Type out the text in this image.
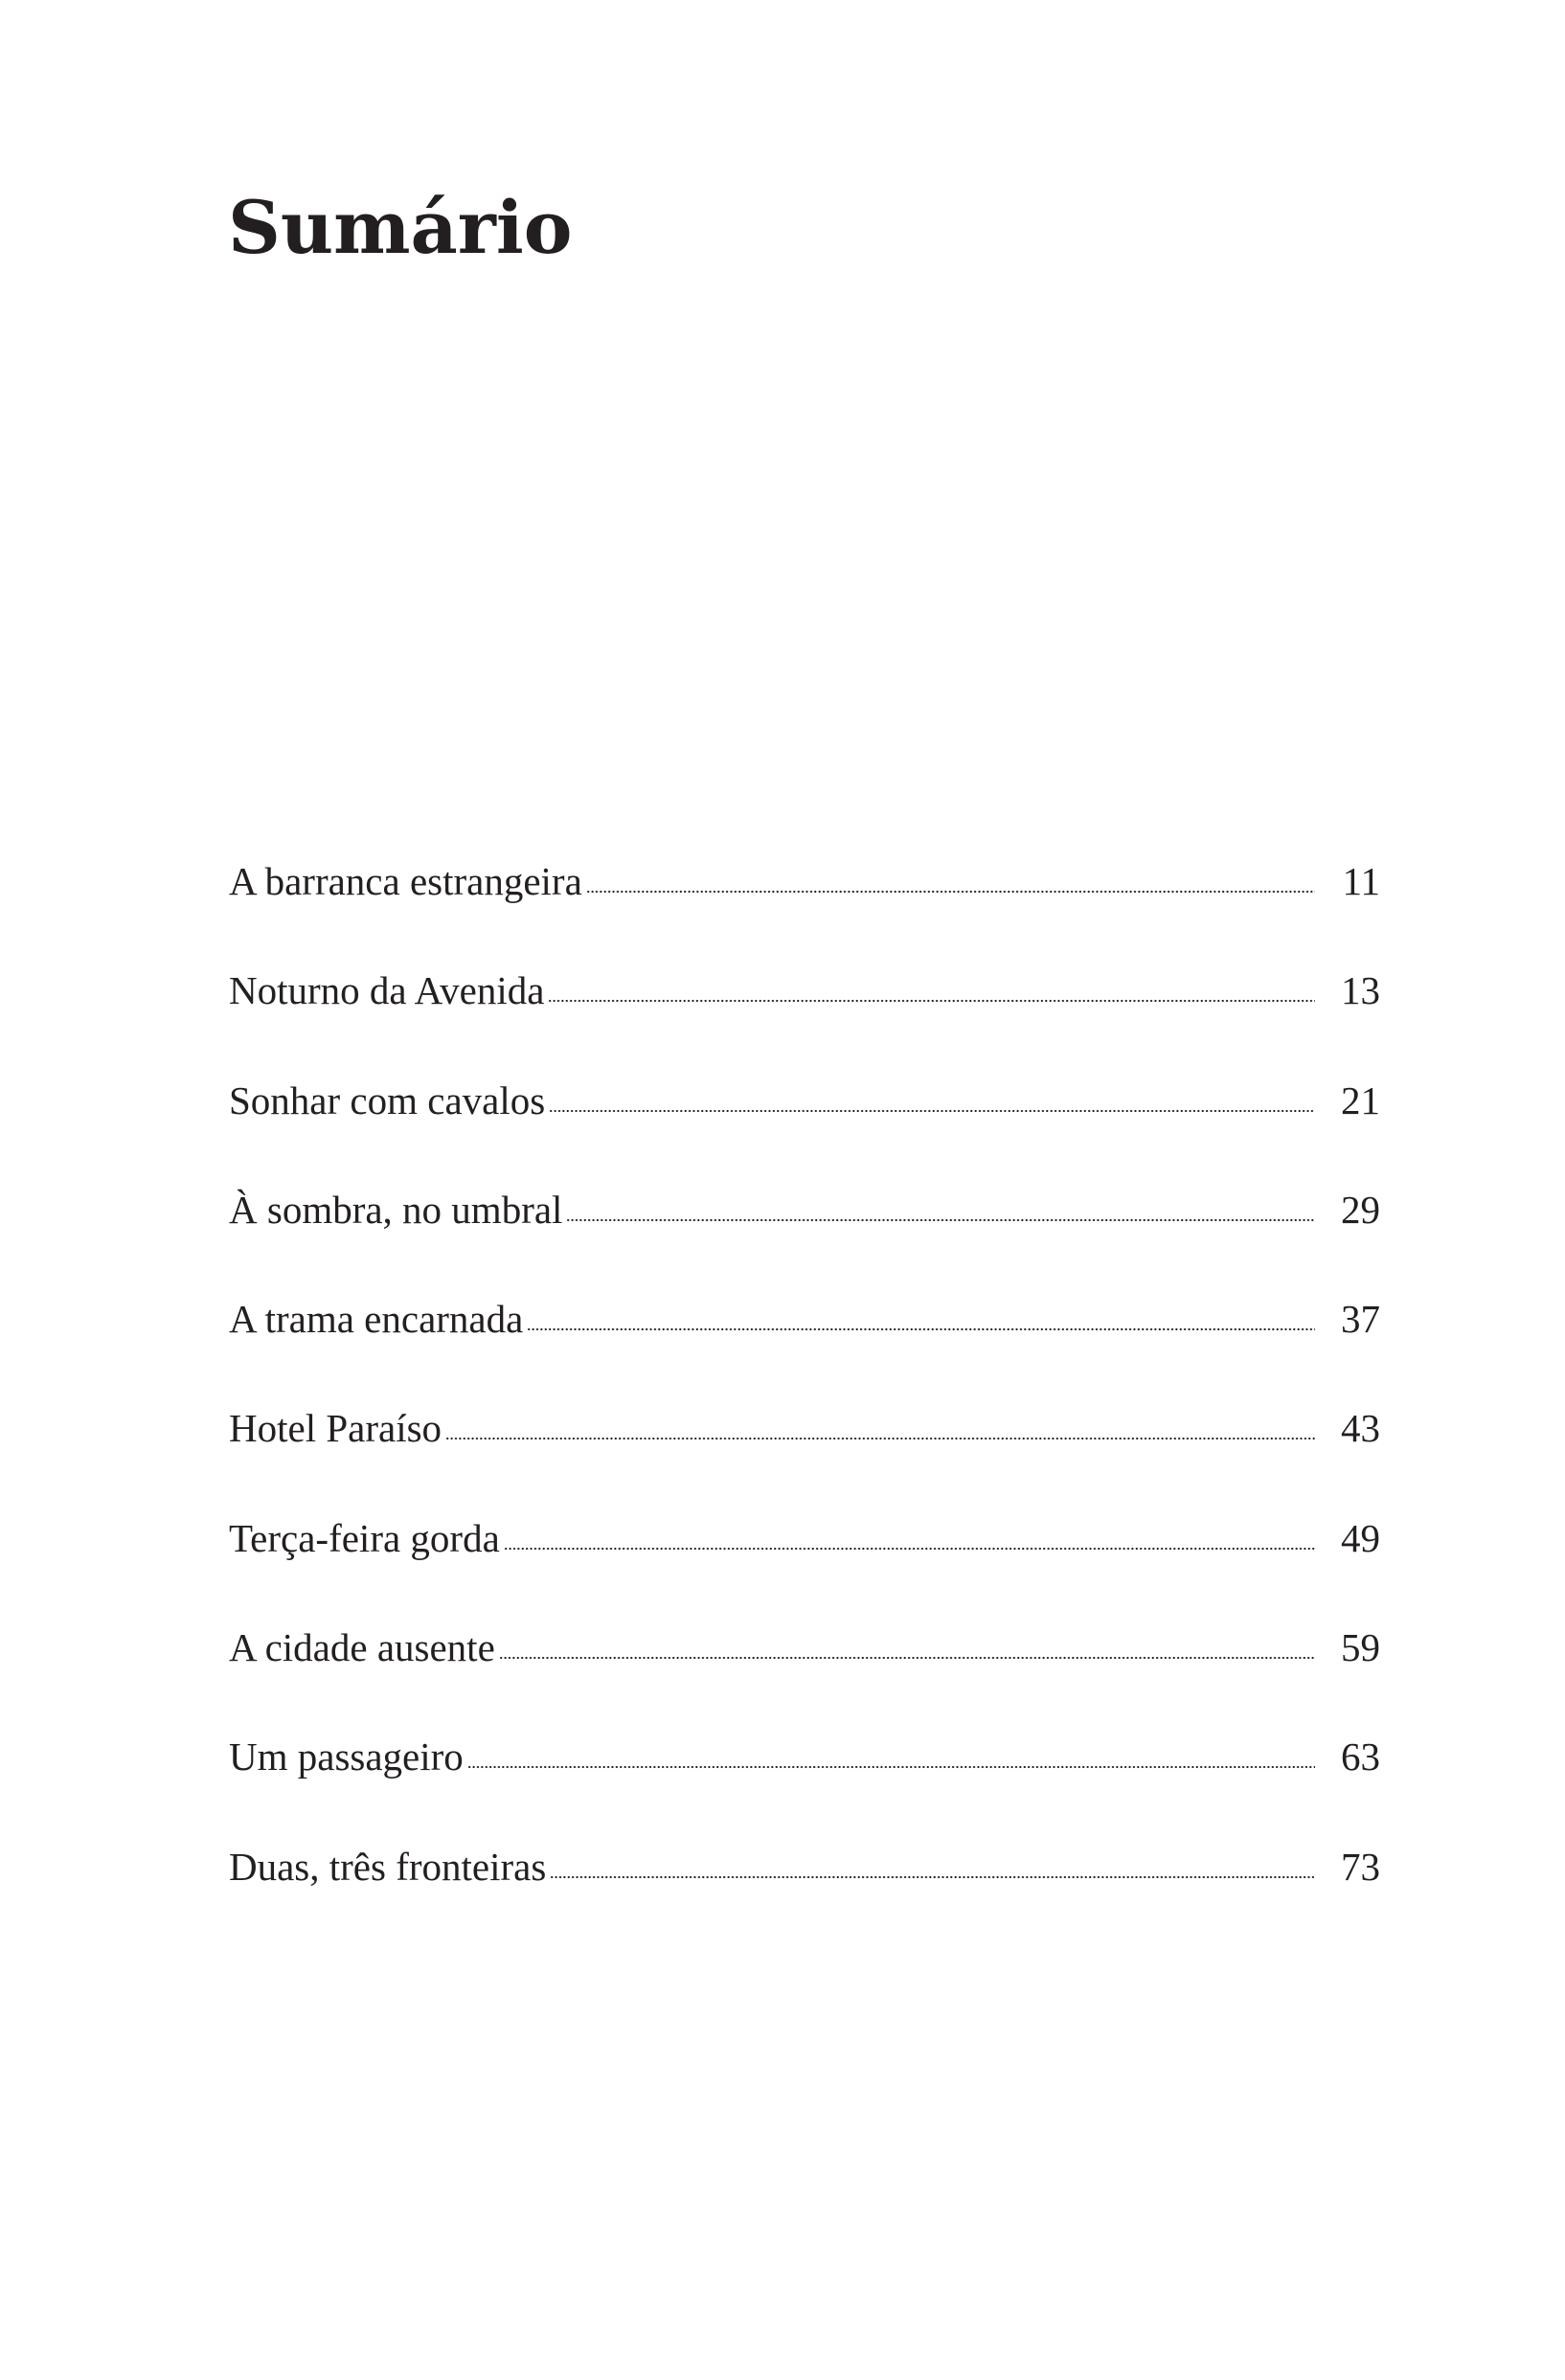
Sumário
A barranca estrangeira	11
Noturno da Avenida	13
Sonhar com cavalos	21
À sombra, no umbral	29
A trama encarnada	37
Hotel Paraíso	43
Terça-feira gorda	49
A cidade ausente	59
Um passageiro	63
Duas, três fronteiras	73
